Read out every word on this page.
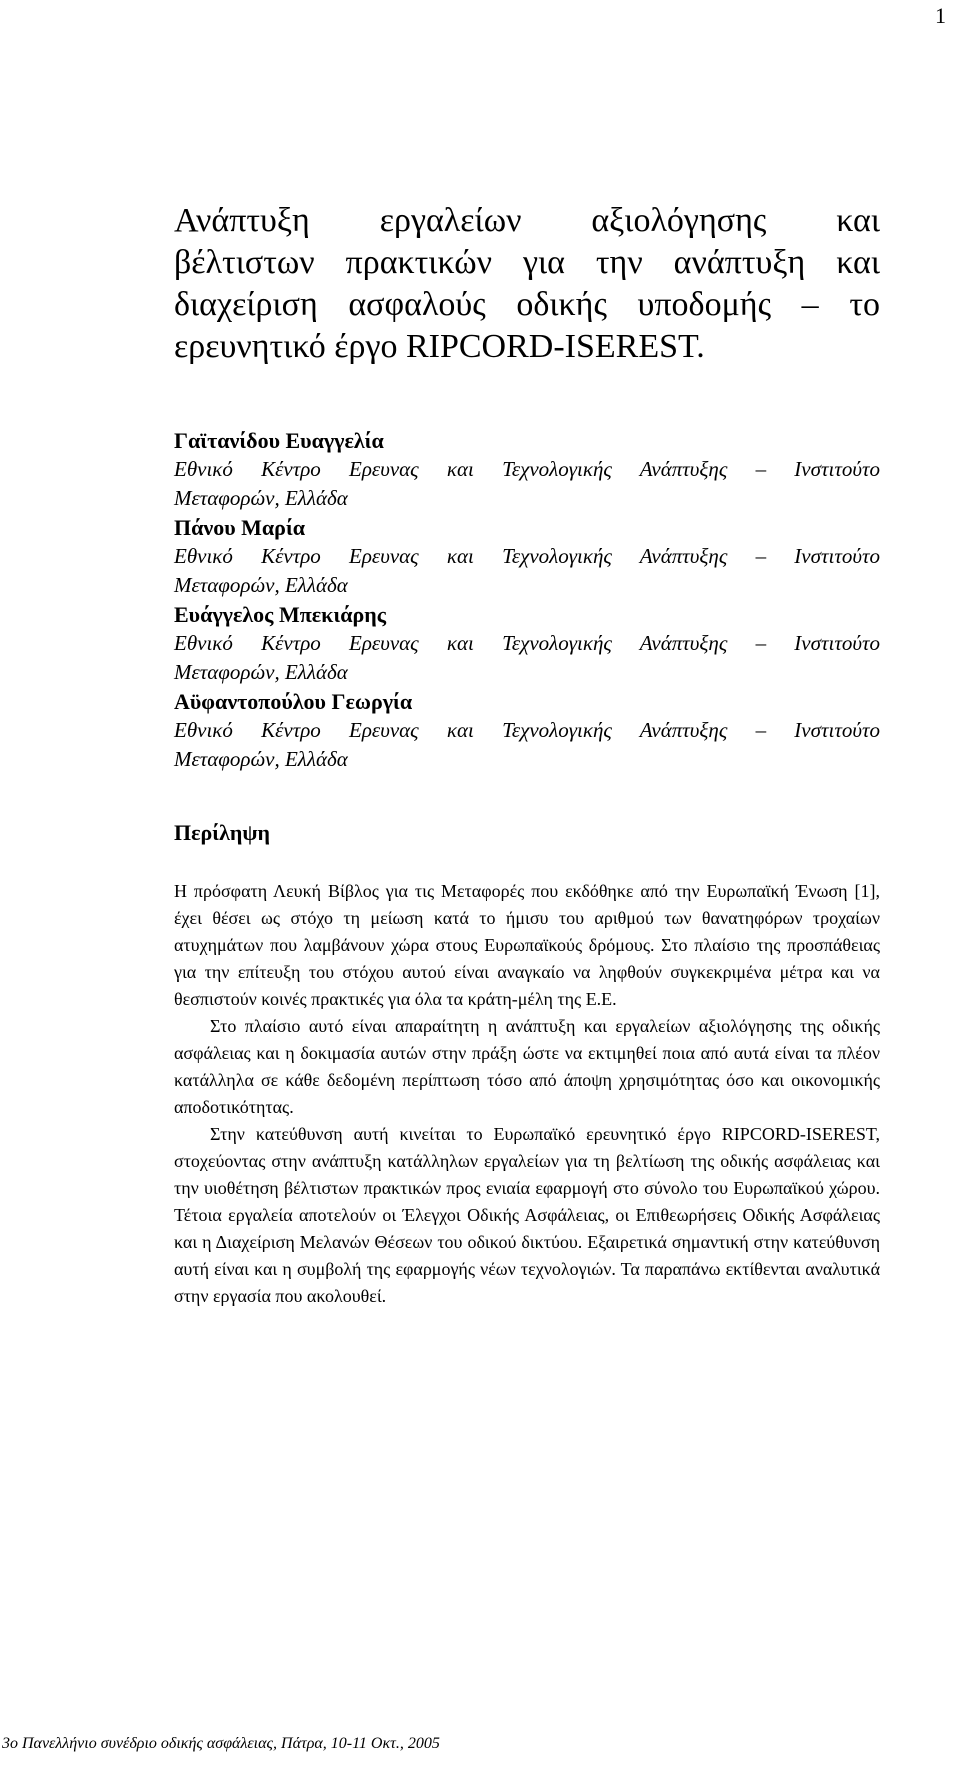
1
Ανάπτυξη εργαλείων αξιολόγησης και
βέλτιστων πρακτικών για την ανάπτυξη και
διαχείριση ασφαλούς οδικής υποδομής – το
ερευνητικό έργο RIPCORD-ISEREST.

Γαϊτανίδου Ευαγγελία

Εθνικό Κέντρο Ερευνας και Τεχνολογικής Ανάπτυξης – Ινστιτούτο
Μεταφορών, Ελλάδα

Πάνου Μαρία

Εθνικό Κέντρο Ερευνας και Τεχνολογικής Ανάπτυξης – Ινστιτούτο
Μεταφορών, Ελλάδα

Ευάγγελος Μπεκιάρης

Εθνικό Κέντρο Ερευνας και Τεχνολογικής Ανάπτυξης – Ινστιτούτο
Μεταφορών, Ελλάδα

Αϋφαντοπούλου Γεωργία

Εθνικό Κέντρο Ερευνας και Τεχνολογικής Ανάπτυξης – Ινστιτούτο
Μεταφορών, Ελλάδα

Περίληψη

Η πρόσφατη Λευκή Βίβλος για τις Μεταφορές που εκδόθηκε από την Ευρωπαϊκή Ένωση [1], έχει θέσει ως στόχο τη μείωση κατά το ήμισυ του αριθμού των θανατηφόρων τροχαίων ατυχημάτων που λαμβάνουν χώρα στους Ευρωπαϊκούς δρόμους. Στο πλαίσιο της προσπάθειας για την επίτευξη του στόχου αυτού είναι αναγκαίο να ληφθούν συγκεκριμένα μέτρα και να θεσπιστούν κοινές πρακτικές για όλα τα κράτη-μέλη της Ε.Ε.

Στο πλαίσιο αυτό είναι απαραίτητη η ανάπτυξη και εργαλείων αξιολόγησης της οδικής ασφάλειας και η δοκιμασία αυτών στην πράξη ώστε να εκτιμηθεί ποια από αυτά είναι τα πλέον κατάλληλα σε κάθε δεδομένη περίπτωση τόσο από άποψη χρησιμότητας όσο και οικονομικής αποδοτικότητας.

Στην κατεύθυνση αυτή κινείται το Ευρωπαϊκό ερευνητικό έργο RIPCORD-ISEREST, στοχεύοντας στην ανάπτυξη κατάλληλων εργαλείων για τη βελτίωση της οδικής ασφάλειας και την υιοθέτηση βέλτιστων πρακτικών προς ενιαία εφαρμογή στο σύνολο του Ευρωπαϊκού χώρου. Τέτοια εργαλεία αποτελούν οι Έλεγχοι Οδικής Ασφάλειας, οι Επιθεωρήσεις Οδικής Ασφάλειας και η Διαχείριση Μελανών Θέσεων του οδικού δικτύου. Εξαιρετικά σημαντική στην κατεύθυνση αυτή είναι και η συμβολή της εφαρμογής νέων τεχνολογιών. Τα παραπάνω εκτίθενται αναλυτικά στην εργασία που ακολουθεί.

3ο Πανελλήνιο συνέδριο οδικής ασφάλειας, Πάτρα, 10-11 Οκτ., 2005
